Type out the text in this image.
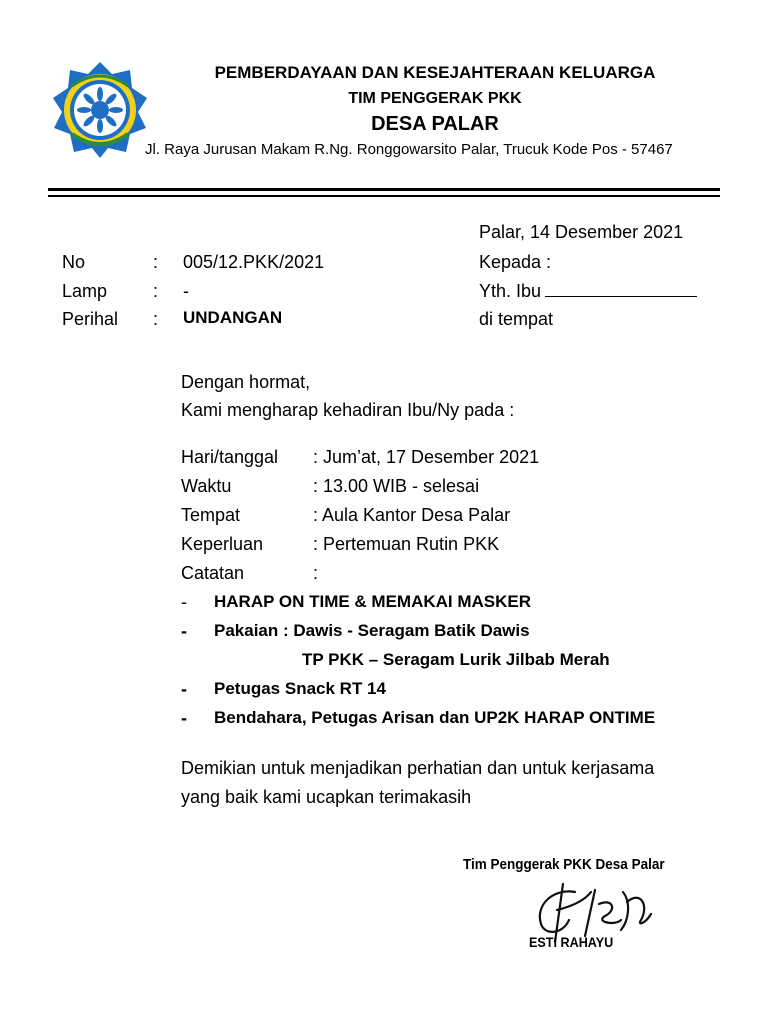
PEMBERDAYAAN DAN KESEJAHTERAAN KELUARGA
TIM PENGGERAK PKK
DESA PALAR
Jl. Raya Jurusan Makam R.Ng. Ronggowarsito Palar, Trucuk Kode Pos - 57467
Palar, 14 Desember 2021
No	: 005/12.PKK/2021
Lamp	: -
Perihal : UNDANGAN
Kepada :
Yth. Ibu
di tempat
Dengan hormat,
Kami mengharap kehadiran Ibu/Ny pada :
Hari/tanggal : Jum’at, 17 Desember 2021
Waktu	: 13.00 WIB - selesai
Tempat	: Aula Kantor Desa Palar
Keperluan	: Pertemuan Rutin PKK
Catatan	:
- HARAP ON TIME & MEMAKAI MASKER
- Pakaian : Dawis - Seragam Batik Dawis
TP PKK – Seragam Lurik Jilbab Merah
- Petugas Snack RT 14
- Bendahara, Petugas Arisan dan UP2K HARAP ONTIME
Demikian untuk menjadikan perhatian dan untuk kerjasama
yang baik kami ucapkan terimakasih
Tim Penggerak PKK Desa Palar
ESTI RAHAYU
